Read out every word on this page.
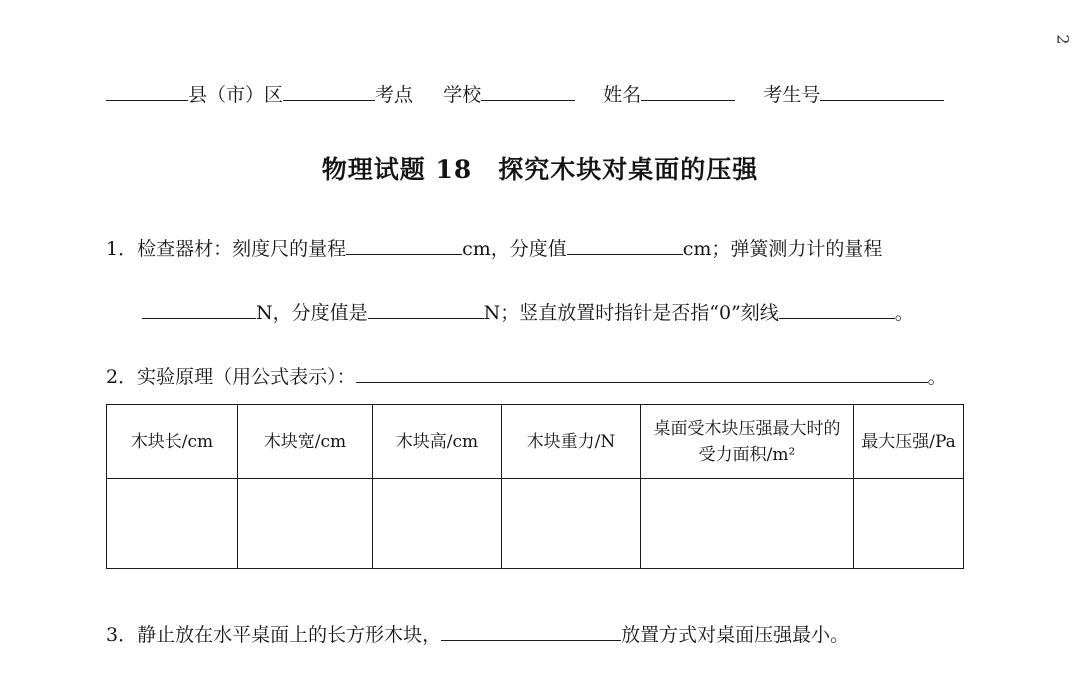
2
县（市）区	考点 学校	姓名	考生号
物理试题 18　探究木块对桌面的压强
1．检查器材：刻度尺的量程	cm，分度值	cm；弹簧测力计的量程
N，分度值是	N；竖直放置时指针是否指“0”刻线	。
2．实验原理（用公式表示）：	。
木块长/cm	木块宽/cm	木块高/cm	木块重力/N	桌面受木块压强最大时的受力面积/m²	最大压强/Pa

3．静止放在水平桌面上的长方形木块，	放置方式对桌面压强最小。
